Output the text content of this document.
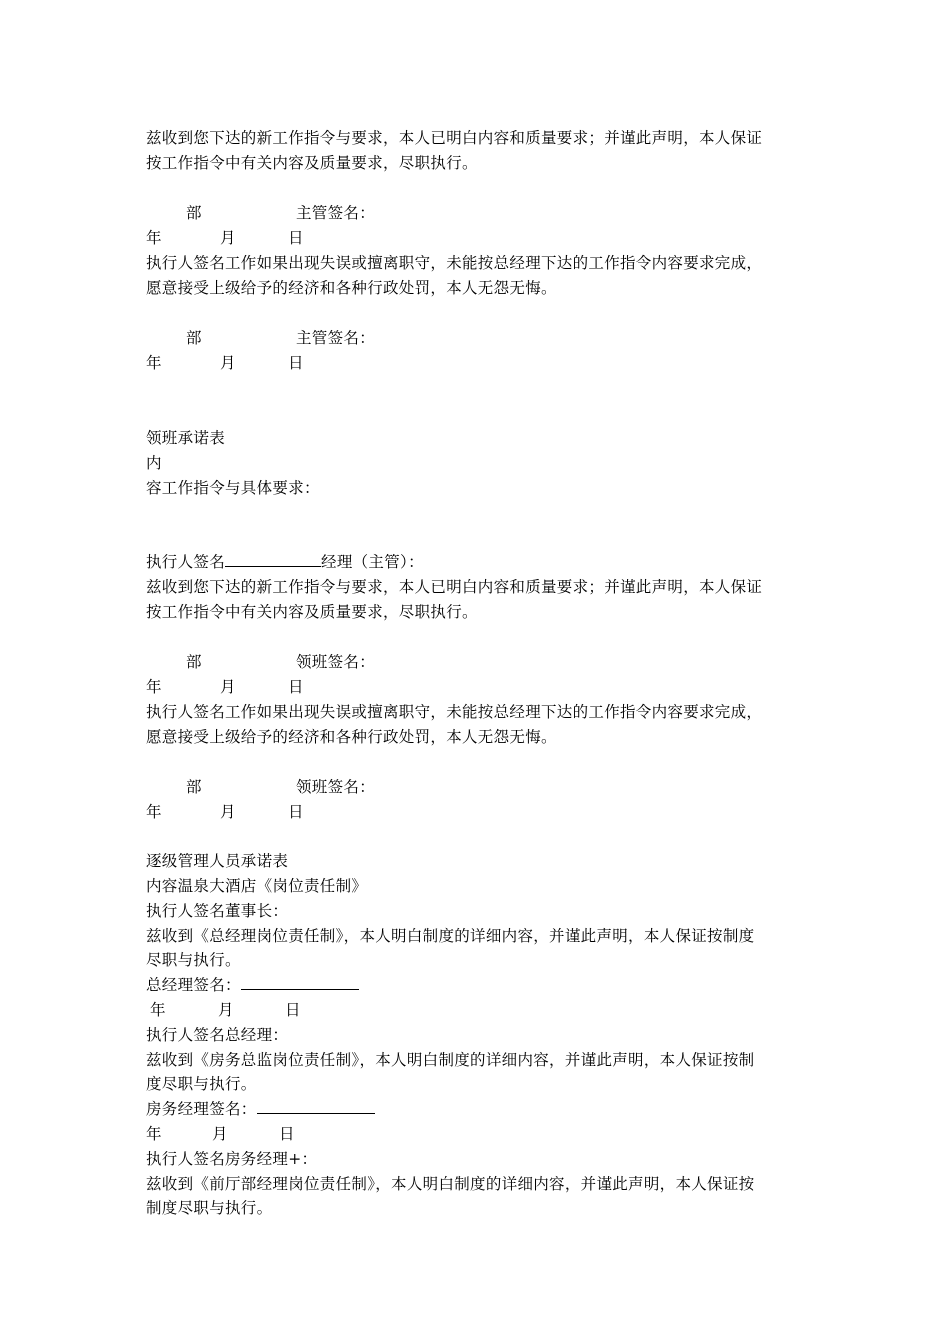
兹收到您下达的新工作指令与要求，本人已明白内容和质量要求；并谨此声明，本人保证
按工作指令中有关内容及质量要求，尽职执行。
部	主管签名：
年	月	日
执行人签名工作如果出现失误或擅离职守，未能按总经理下达的工作指令内容要求完成，
愿意接受上级给予的经济和各种行政处罚，本人无怨无悔。
部	主管签名：
年	月	日
领班承诺表
内
容工作指令与具体要求：
执行人签名	经理（主管）：
兹收到您下达的新工作指令与要求，本人已明白内容和质量要求；并谨此声明，本人保证
按工作指令中有关内容及质量要求，尽职执行。
部	领班签名：
年	月	日
执行人签名工作如果出现失误或擅离职守，未能按总经理下达的工作指令内容要求完成，
愿意接受上级给予的经济和各种行政处罚，本人无怨无悔。
部	领班签名：
年	月	日
逐级管理人员承诺表
内容温泉大酒店《岗位责任制》
执行人签名董事长：
兹收到《总经理岗位责任制》，本人明白制度的详细内容，并谨此声明，本人保证按制度
尽职与执行。
总经理签名：
年	月	日
执行人签名总经理：
兹收到《房务总监岗位责任制》，本人明白制度的详细内容，并谨此声明，本人保证按制
度尽职与执行。
房务经理签名：
年	月	日
执行人签名房务经理+：
兹收到《前厅部经理岗位责任制》，本人明白制度的详细内容，并谨此声明，本人保证按
制度尽职与执行。
